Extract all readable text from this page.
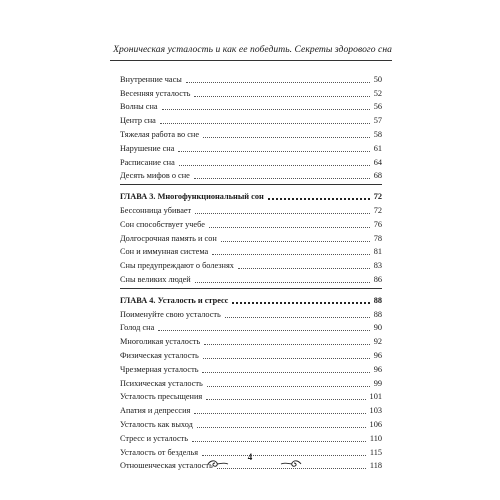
Хроническая усталость и как ее победить. Секреты здорового сна
Внутренние часы	50
Весенняя усталость	52
Волны сна	56
Центр сна	57
Тяжелая работа во сне	58
Нарушение сна	61
Расписание сна	64
Десять мифов о сне	68
ГЛАВА 3. Многофункциональный сон	72
Бессонница убивает	72
Сон способствует учебе	76
Долгосрочная память и сон	78
Сон и иммунная система	81
Сны предупреждают о болезнях	83
Сны великих людей	86
ГЛАВА 4. Усталость и стресс	88
Поименуйте свою усталость	88
Голод сна	90
Многоликая усталость	92
Физическая усталость	96
Чрезмерная усталость	96
Психическая усталость	99
Усталость пресыщения	101
Апатия и депрессия	103
Усталость как выход	106
Стресс и усталость	110
Усталость от безделья	115
Отношенческая усталость	118
4
